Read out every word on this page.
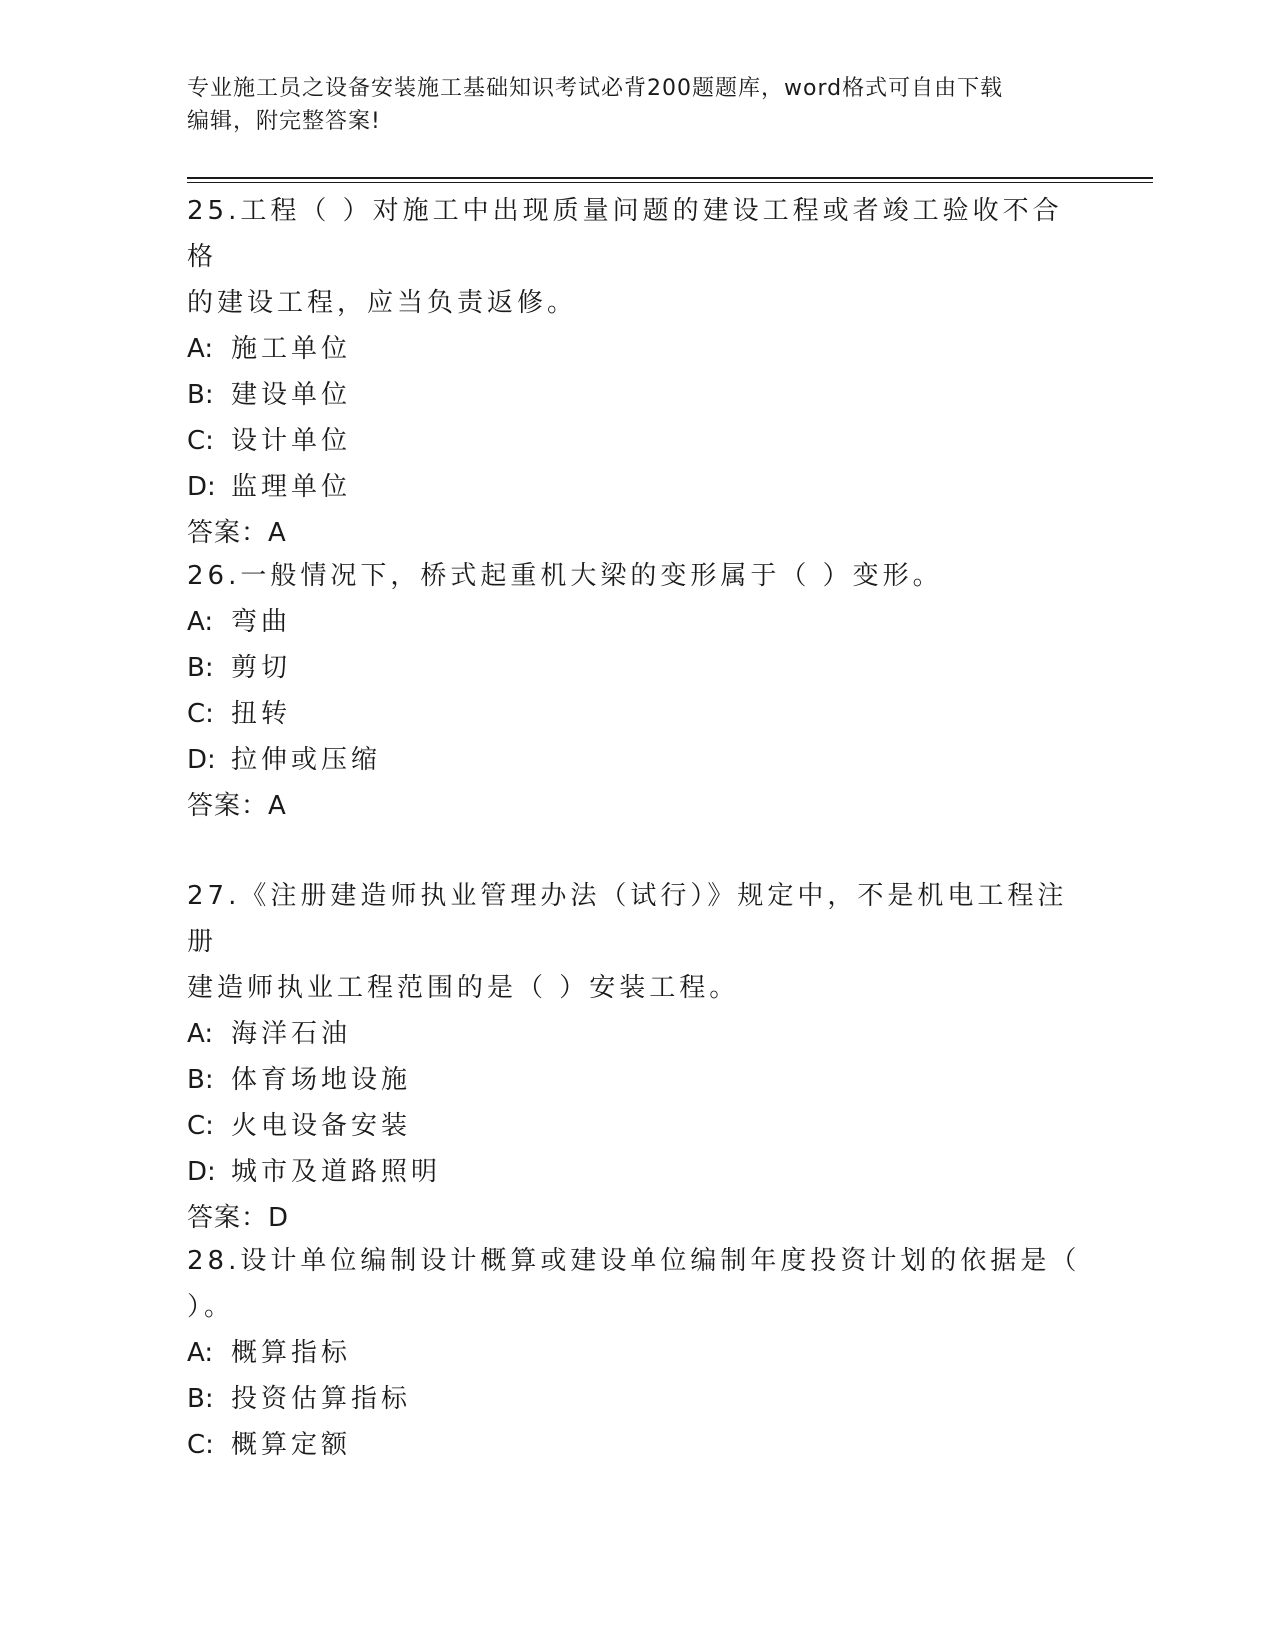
专业施工员之设备安装施工基础知识考试必背200题题库，word格式可自由下载
编辑，附完整答案!
25.工程（ ）对施工中出现质量问题的建设工程或者竣工验收不合格
的建设工程，应当负责返修。
A: 施工单位
B: 建设单位
C: 设计单位
D: 监理单位
答案：A
26.一般情况下，桥式起重机大梁的变形属于（ ）变形。
A: 弯曲
B: 剪切
C: 扭转
D: 拉伸或压缩
答案：A
27.《注册建造师执业管理办法（试行）》规定中，不是机电工程注册
建造师执业工程范围的是（ ）安装工程。
A: 海洋石油
B: 体育场地设施
C: 火电设备安装
D: 城市及道路照明
答案：D
28.设计单位编制设计概算或建设单位编制年度投资计划的依据是（
）。
A: 概算指标
B: 投资估算指标
C: 概算定额
